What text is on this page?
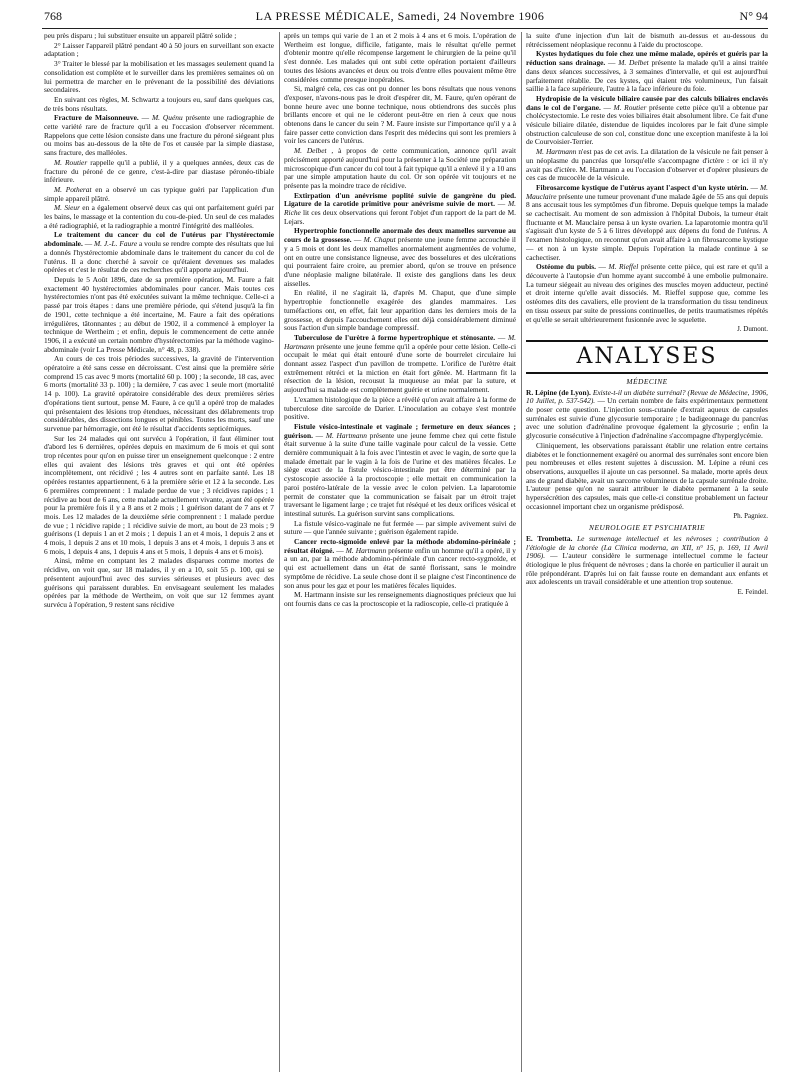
768	LA PRESSE MÉDICALE, Samedi, 24 Novembre 1906	N° 94

peu près disparu ; lui substituer ensuite un appareil plâtré solide ;

2° Laisser l'appareil plâtré pendant 40 à 50 jours en surveillant son exacte adaptation ;

3° Traiter le blessé par la mobilisation et les massages seulement quand la consolidation est complète et le surveiller dans les premières semaines où on lui permettra de marcher en le prévenant de la possibilité des déviations secondaires.

En suivant ces règles, M. Schwartz a toujours eu, sauf dans quelques cas, de très bons résultats.

Fracture de Maisonneuve. — M. Quénu présente une radiographie de cette variété rare de fracture qu'il a eu l'occasion d'observer récemment. Rappelons que cette lésion consiste dans une fracture du péroné siégeant plus ou moins bas au-dessous de la tête de l'os et causée par la simple diastase, sans fracture, des malléoles.

M. Routier rappelle qu'il a publié, il y a quelques années, deux cas de fracture du péroné de ce genre, c'est-à-dire par diastase péronéo-tibiale inférieure.

M. Potherat en a observé un cas typique guéri par l'application d'un simple appareil plâtré.

M. Sieur en a également observé deux cas qui ont parfaitement guéri par les bains, le massage et la contention du cou-de-pied. Un seul de ces malades a été radiographié, et la radiographie a montré l'intégrité des malléoles.

Le traitement du cancer du col de l'utérus par l'hystérectomie abdominale. — M. J.-L. Faure a voulu se rendre compte des résultats que lui a donnés l'hystérectomie abdominale dans le traitement du cancer du col de l'utérus. Il a donc cherché à savoir ce qu'étaient devenues ses malades opérées et c'est le résultat de ces recherches qu'il apporte aujourd'hui.

Depuis le 5 Août 1896, date de sa première opération, M. Faure a fait exactement 40 hystérectomies abdominales pour cancer. Mais toutes ces hystérectomies n'ont pas été exécutées suivant la même technique. Celle-ci a passé par trois étapes : dans une première période, qui s'étend jusqu'à la fin de 1901, cette technique a été incertaine, M. Faure a fait des opérations irrégulières, tâtonnantes ; au début de 1902, il a commencé à employer la technique de Wertheim ; et enfin, depuis le commencement de cette année 1906, il a exécuté un certain nombre d'hystérectomies par la méthode vagino-abdominale (voir La Presse Médicale, n° 48, p. 338).

Au cours de ces trois périodes successives, la gravité de l'intervention opératoire a été sans cesse en décroissant. C'est ainsi que la première série comprend 15 cas avec 9 morts (mortalité 60 p. 100) ; la seconde, 18 cas, avec 6 morts (mortalité 33 p. 100) ; la dernière, 7 cas avec 1 seule mort (mortalité 14 p. 100). La gravité opératoire considérable des deux premières séries d'opérations tient surtout, pense M. Faure, à ce qu'il a opéré trop de malades qui présentaient des lésions trop étendues, nécessitant des délabrements trop considérables, des dissections longues et pénibles. Toutes les morts, sauf une survenue par hémorragie, ont été le résultat d'accidents septicémiques.

Sur les 24 malades qui ont survécu à l'opération, il faut éliminer tout d'abord les 6 dernières, opérées depuis en maximum de 6 mois et qui sont trop récentes pour qu'on en puisse tirer un enseignement quelconque : 2 entre elles qui avaient des lésions très graves et qui ont été opérées incomplètement, ont récidivé ; les 4 autres sont en parfaite santé. Les 18 opérées restantes appartiennent, 6 à la première série et 12 à la seconde. Les 6 premières comprennent : 1 malade perdue de vue ; 3 récidives rapides ; 1 récidive au bout de 6 ans, cette malade actuellement vivante, ayant été opérée pour la première fois il y a 8 ans et 2 mois ; 1 guérison datant de 7 ans et 7 mois. Les 12 malades de la deuxième série comprennent : 1 malade perdue de vue ; 1 récidive rapide ; 1 récidive suivie de mort, au bout de 23 mois ; 9 guérisons (1 depuis 1 an et 2 mois ; 1 depuis 1 an et 4 mois, 1 depuis 2 ans et 4 mois, 1 depuis 2 ans et 10 mois, 1 depuis 3 ans et 4 mois, 1 depuis 3 ans et 6 mois, 1 depuis 4 ans, 1 depuis 4 ans et 5 mois, 1 depuis 4 ans et 6 mois).

Ainsi, même en comptant les 2 malades disparues comme mortes de récidive, on voit que, sur 18 malades, il y en a 10, soit 55 p. 100, qui se présentent aujourd'hui avec des survies sérieuses et plusieurs avec des guérisons qui paraissent durables. En envisageant seulement les malades opérées par la méthode de Wertheim, on voit que sur 12 femmes ayant survécu à l'opération, 9 restent sans récidive

après un temps qui varie de 1 an et 2 mois à 4 ans et 6 mois. L'opération de Wertheim est longue, difficile, fatigante, mais le résultat qu'elle permet d'obtenir montre qu'elle récompense largement le chirurgien de la peine qu'il s'est donnée. Les malades qui ont subi cette opération portaient d'ailleurs toutes des lésions avancées et deux ou trois d'entre elles pouvaient même être considérées comme presque inopérables.

Si, malgré cela, ces cas ont pu donner les bons résultats que nous venons d'exposer, n'avons-nous pas le droit d'espérer dit, M. Faure, qu'en opérant de bonne heure avec une bonne technique, nous obtiendrons des succès plus brillants encore et qui ne le céderont peut-être en rien à ceux que nous obtenons dans le cancer du sein ? M. Faure insiste sur l'importance qu'il y a à faire passer cette conviction dans l'esprit des médecins qui sont les premiers à voir les cancers de l'utérus.

M. Delbet , à propos de cette communication, annonce qu'il avait précisément apporté aujourd'hui pour la présenter à la Société une préparation microscopique d'un cancer du col tout à fait typique qu'il a enlevé il y a 10 ans par une simple amputation haute du col. Or son opérée vit toujours et ne présente pas la moindre trace de récidive.

Extirpation d'un anévrisme poplité suivie de gangrène du pied. Ligature de la carotide primitive pour anévrisme suivie de mort. — M. Riche lit ces deux observations qui feront l'objet d'un rapport de la part de M. Lejars.

Hypertrophie fonctionnelle anormale des deux mamelles survenue au cours de la grossesse. — M. Chaput présente une jeune femme accouchée il y a 5 mois et dont les deux mamelles anormalement augmentées de volume, ont en outre une consistance ligneuse, avec des bosselures et des ulcérations qui pourraient faire croire, au premier abord, qu'on se trouve en présence d'une néoplasie maligne bilatérale. Il existe des ganglions dans les deux aisselles.

En réalité, il ne s'agirait là, d'après M. Chaput, que d'une simple hypertrophie fonctionnelle exagérée des glandes mammaires. Les tuméfactions ont, en effet, fait leur apparition dans les derniers mois de la grossesse, et depuis l'accouchement elles ont déjà considérablement diminué sous l'action d'un simple bandage compressif.

Tuberculose de l'urètre à forme hypertrophique et sténosante. — M. Hartmann présente une jeune femme qu'il a opérée pour cette lésion. Celle-ci occupait le méat qui était entouré d'une sorte de bourrelet circulaire lui donnant assez l'aspect d'un pavillon de trompette. L'orifice de l'urètre était extrêmement rétréci et la miction en était fort gênée. M. Hartmann fit la résection de la lésion, recousut la muqueuse au méat par la suture, et aujourd'hui sa malade est complètement guérie et urine normalement.

L'examen histologique de la pièce a révélé qu'on avait affaire à la forme de tuberculose dite sarcoïde de Darier. L'inoculation au cobaye s'est montrée positive.

Fistule vésico-intestinale et vaginale ; fermeture en deux séances ; guérison. — M. Hartmann présente une jeune femme chez qui cette fistule était survenue à la suite d'une taille vaginale pour calcul de la vessie. Cette dernière communiquait à la fois avec l'intestin et avec le vagin, de sorte que la malade émettait par le vagin à la fois de l'urine et des matières fécales. Le siège exact de la fistule vésico-intestinale put être déterminé par la cystoscopie associée à la proctoscopie ; elle mettait en communication la paroi postéro-latérale de la vessie avec le colon pelvien. La laparotomie permit de constater que la communication se faisait par un étroit trajet traversant le ligament large ; ce trajet fut réséqué et les deux orifices vésical et intestinal suturés. La guérison survint sans complications.

La fistule vésico-vaginale ne fut fermée — par simple avivement suivi de suture — que l'année suivante ; guérison également rapide.

Cancer recto-sigmoïde enlevé par la méthode abdomino-périnéale ; résultat éloigné. — M. Hartmann présente enfin un homme qu'il a opéré, il y a un an, par la méthode abdomino-périnéale d'un cancer recto-sygmoïde, et qui est actuellement dans un état de santé florissant, sans le moindre symptôme de récidive. La seule chose dont il se plaigne c'est l'incontinence de son anus pour les gaz et pour les matières fécales liquides.

M. Hartmann insiste sur les renseignements diagnostiques précieux que lui ont fournis dans ce cas la proctoscopie et la radioscopie, celle-ci pratiquée à

la suite d'une injection d'un lait de bismuth au-dessus et au-dessous du rétrécissement néoplasique reconnu à l'aide du proctoscope.

Kystes hydatiques du foie chez une même malade, opérés et guéris par la réduction sans drainage. — M. Delbet présente la malade qu'il a ainsi traitée dans deux séances successives, à 3 semaines d'intervalle, et qui est aujourd'hui parfaitement rétablie. De ces kystes, qui étaient très volumineux, l'un faisait saillie à la face supérieure, l'autre à la face inférieure du foie.

Hydropisie de la vésicule biliaire causée par des calculs biliaires enclavés dans le col de l'organe. — M. Routier présente cette pièce qu'il a obtenue par cholécystectomie. Le reste des voies biliaires était absolument libre. Ce fait d'une vésicule biliaire dilatée, distendue de liquides incolores par le fait d'une simple obstruction calculeuse de son col, constitue donc une exception manifeste à la loi de Courvoisier-Terrier.

M. Hartmann n'est pas de cet avis. La dilatation de la vésicule ne fait penser à un néoplasme du pancréas que lorsqu'elle s'accompagne d'ictère : or ici il n'y avait pas d'ictère. M. Hartmann a eu l'occasion d'observer et d'opérer plusieurs de ces cas de mucocèle de la vésicule.

Fibrosarcome kystique de l'utérus ayant l'aspect d'un kyste utérin. — M. Mauclaire présente une tumeur provenant d'une malade âgée de 55 ans qui depuis 8 ans accusait tous les symptômes d'un fibrome. Depuis quelque temps la malade se cachectisait. Au moment de son admission à l'hôpital Dubois, la tumeur était fluctuante et M. Mauclaire pensa à un kyste ovarien. La laparotomie montra qu'il s'agissait d'un kyste de 5 à 6 litres développé aux dépens du fond de l'utérus. A l'examen histologique, on reconnut qu'on avait affaire à un fibrosarcome kystique — et non à un kyste simple. Depuis l'opération la malade continue à se cachectiser.

Ostéome du pubis. — M. Rieffel présente cette pièce, qui est rare et qu'il a découverte à l'autopsie d'un homme ayant succombé à une embolie pulmonaire. La tumeur siégeait au niveau des origines des muscles moyen adducteur, pectiné et droit interne qu'elle avait dissociés. M. Rieffel suppose que, comme les ostéomes dits des cavaliers, elle provient de la transformation du tissu tendineux en tissu osseux par suite de pressions continuelles, de petits traumatismes répétés et qu'elle se serait ultérieurement fusionnée avec le squelette.

J. Dumont.
ANALYSES
MÉDECINE

R. Lépine (de Lyon). Existe-t-il un diabète surrénal? (Revue de Médecine, 1906, 10 Juillet, p. 537-542). — Un certain nombre de faits expérimentaux permettent de poser cette question. L'injection sous-cutanée d'extrait aqueux de capsules surrénales est suivie d'une glycosurie temporaire ; le badigeonnage du pancréas avec une solution d'adrénaline provoque également la glycosurie ; enfin la glycosurie consécutive à l'injection d'adrénaline s'accompagne d'hyperglycémie.

Cliniquement, les observations paraissant établir une relation entre certains diabètes et le fonctionnement exagéré ou anormal des surrénales sont encore bien peu nombreuses et elles restent sujettes à discussion. M. Lépine a réuni ces observations, auxquelles il ajoute un cas personnel. Sa malade, morte après deux ans de grand diabète, avait un sarcome volumineux de la capsule surrénale droite. L'auteur pense qu'on ne saurait attribuer le diabète permanent à la seule hypersécrétion des capsules, mais que celle-ci constitue probablement un facteur occasionnel important chez un organisme prédisposé.

Ph. Pagniez.
NEUROLOGIE ET PSYCHIATRIE

E. Trombetta. Le surmenage intellectuel et les névroses ; contribution à l'étiologie de la chorée (La Clinica moderna, an XII, n° 15, p. 169, 11 Avril 1906). — L'auteur considère le surmenage intellectuel comme le facteur étiologique le plus fréquent de névroses ; dans la chorée en particulier il aurait un rôle prépondérant. D'après lui on fait fausse route en demandant aux enfants et aux adolescents un travail considérable et une attention trop soutenue.

E. Feindel.
